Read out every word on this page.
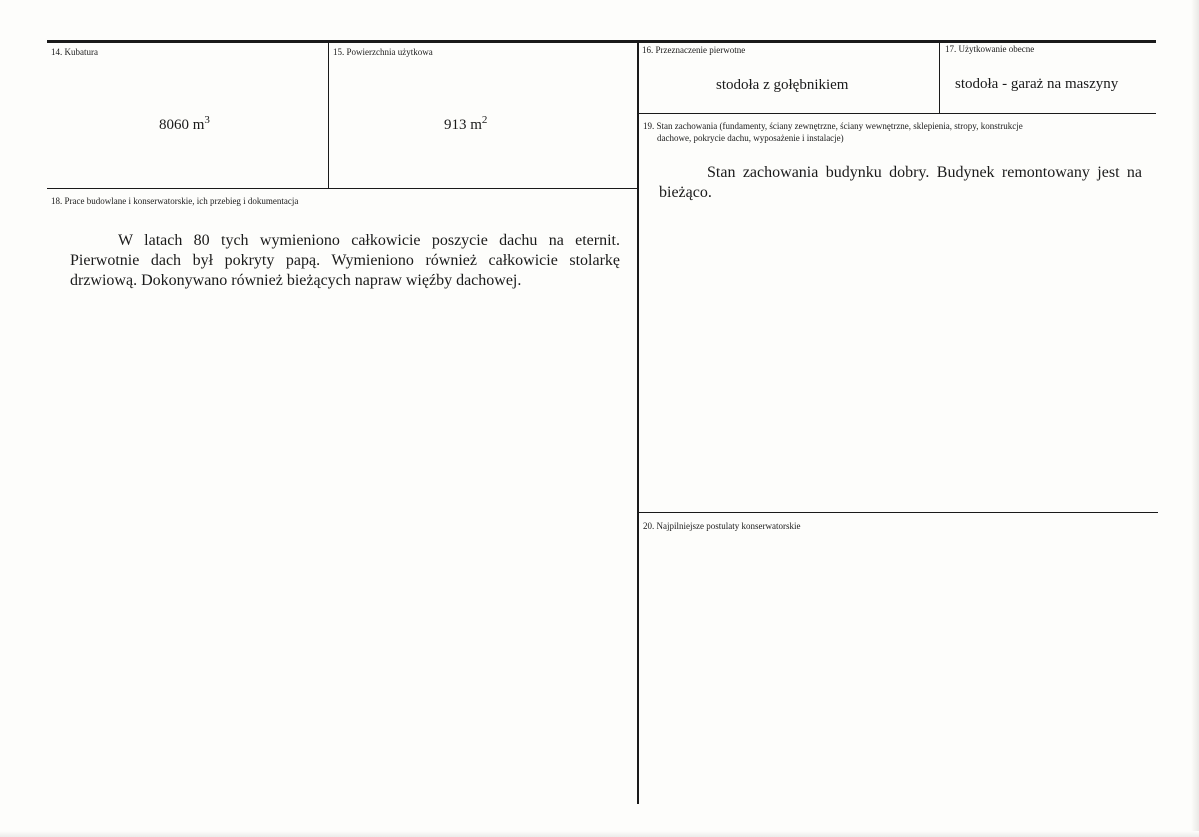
14. Kubatura
8060 $m^3$
15. Powierzchnia użytkowa
913 $m^2$
16. Przeznaczenie pierwotne
stodoła z gołębnikiem
17. Użytkowanie obecne
stodoła - garaż na maszyny
18. Prace budowlane i konserwatorskie, ich przebieg i dokumentacja
W latach 80 tych wymieniono całkowicie poszycie dachu na eternit. Pierwotnie dach był pokryty papą. Wymieniono również całkowicie stolarkę drzwiową. Dokonywano również bieżących napraw więźby dachowej.
19. Stan zachowania (fundamenty, ściany zewnętrzne, ściany wewnętrzne, sklepienia, stropy, konstrukcje
dachowe, pokrycie dachu, wyposażenie i instalacje)
Stan zachowania budynku dobry. Budynek remontowany jest na bieżąco.
20. Najpilniejsze postulaty konserwatorskie
